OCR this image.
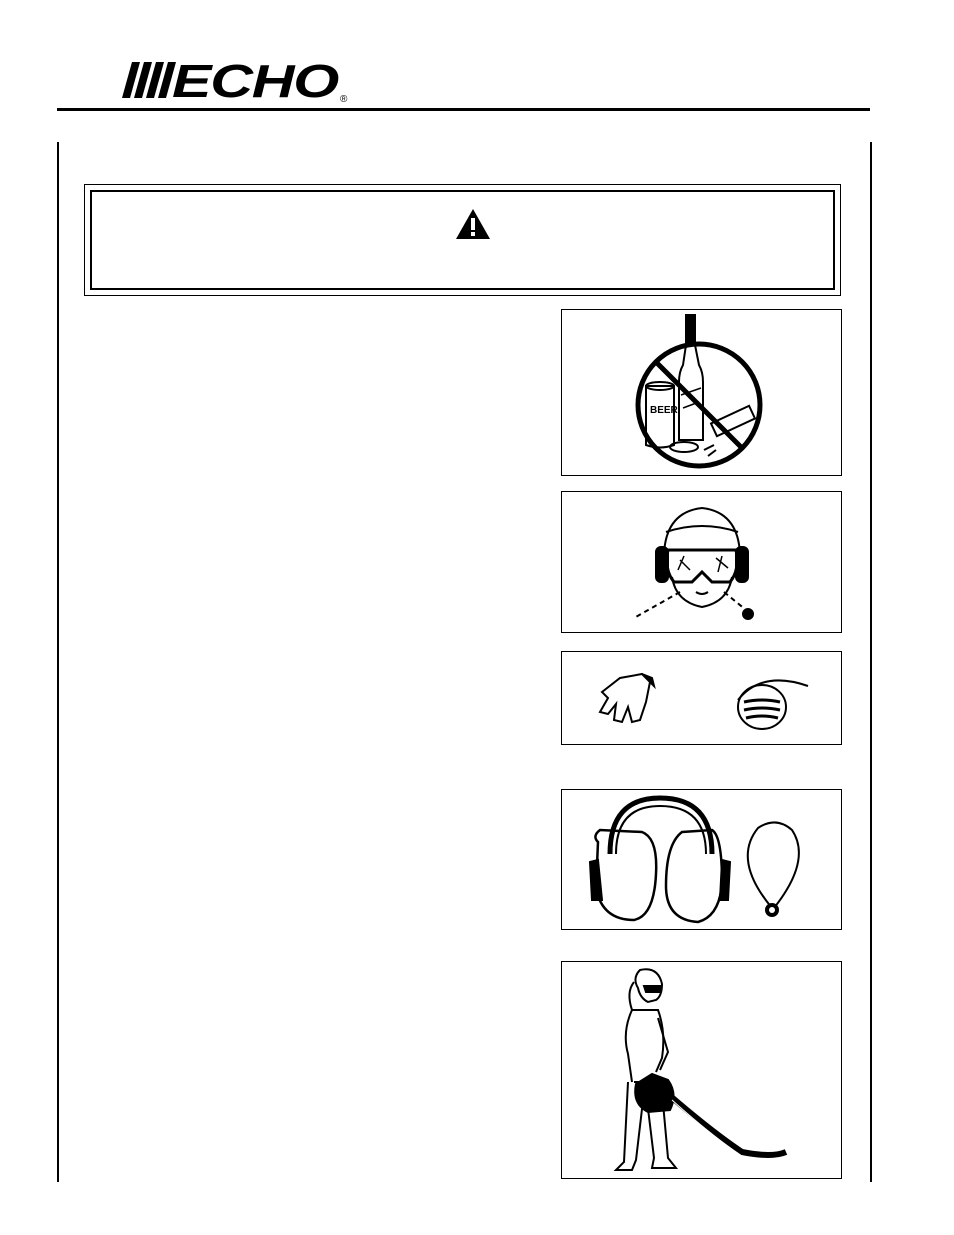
ECHO ®
BEER
